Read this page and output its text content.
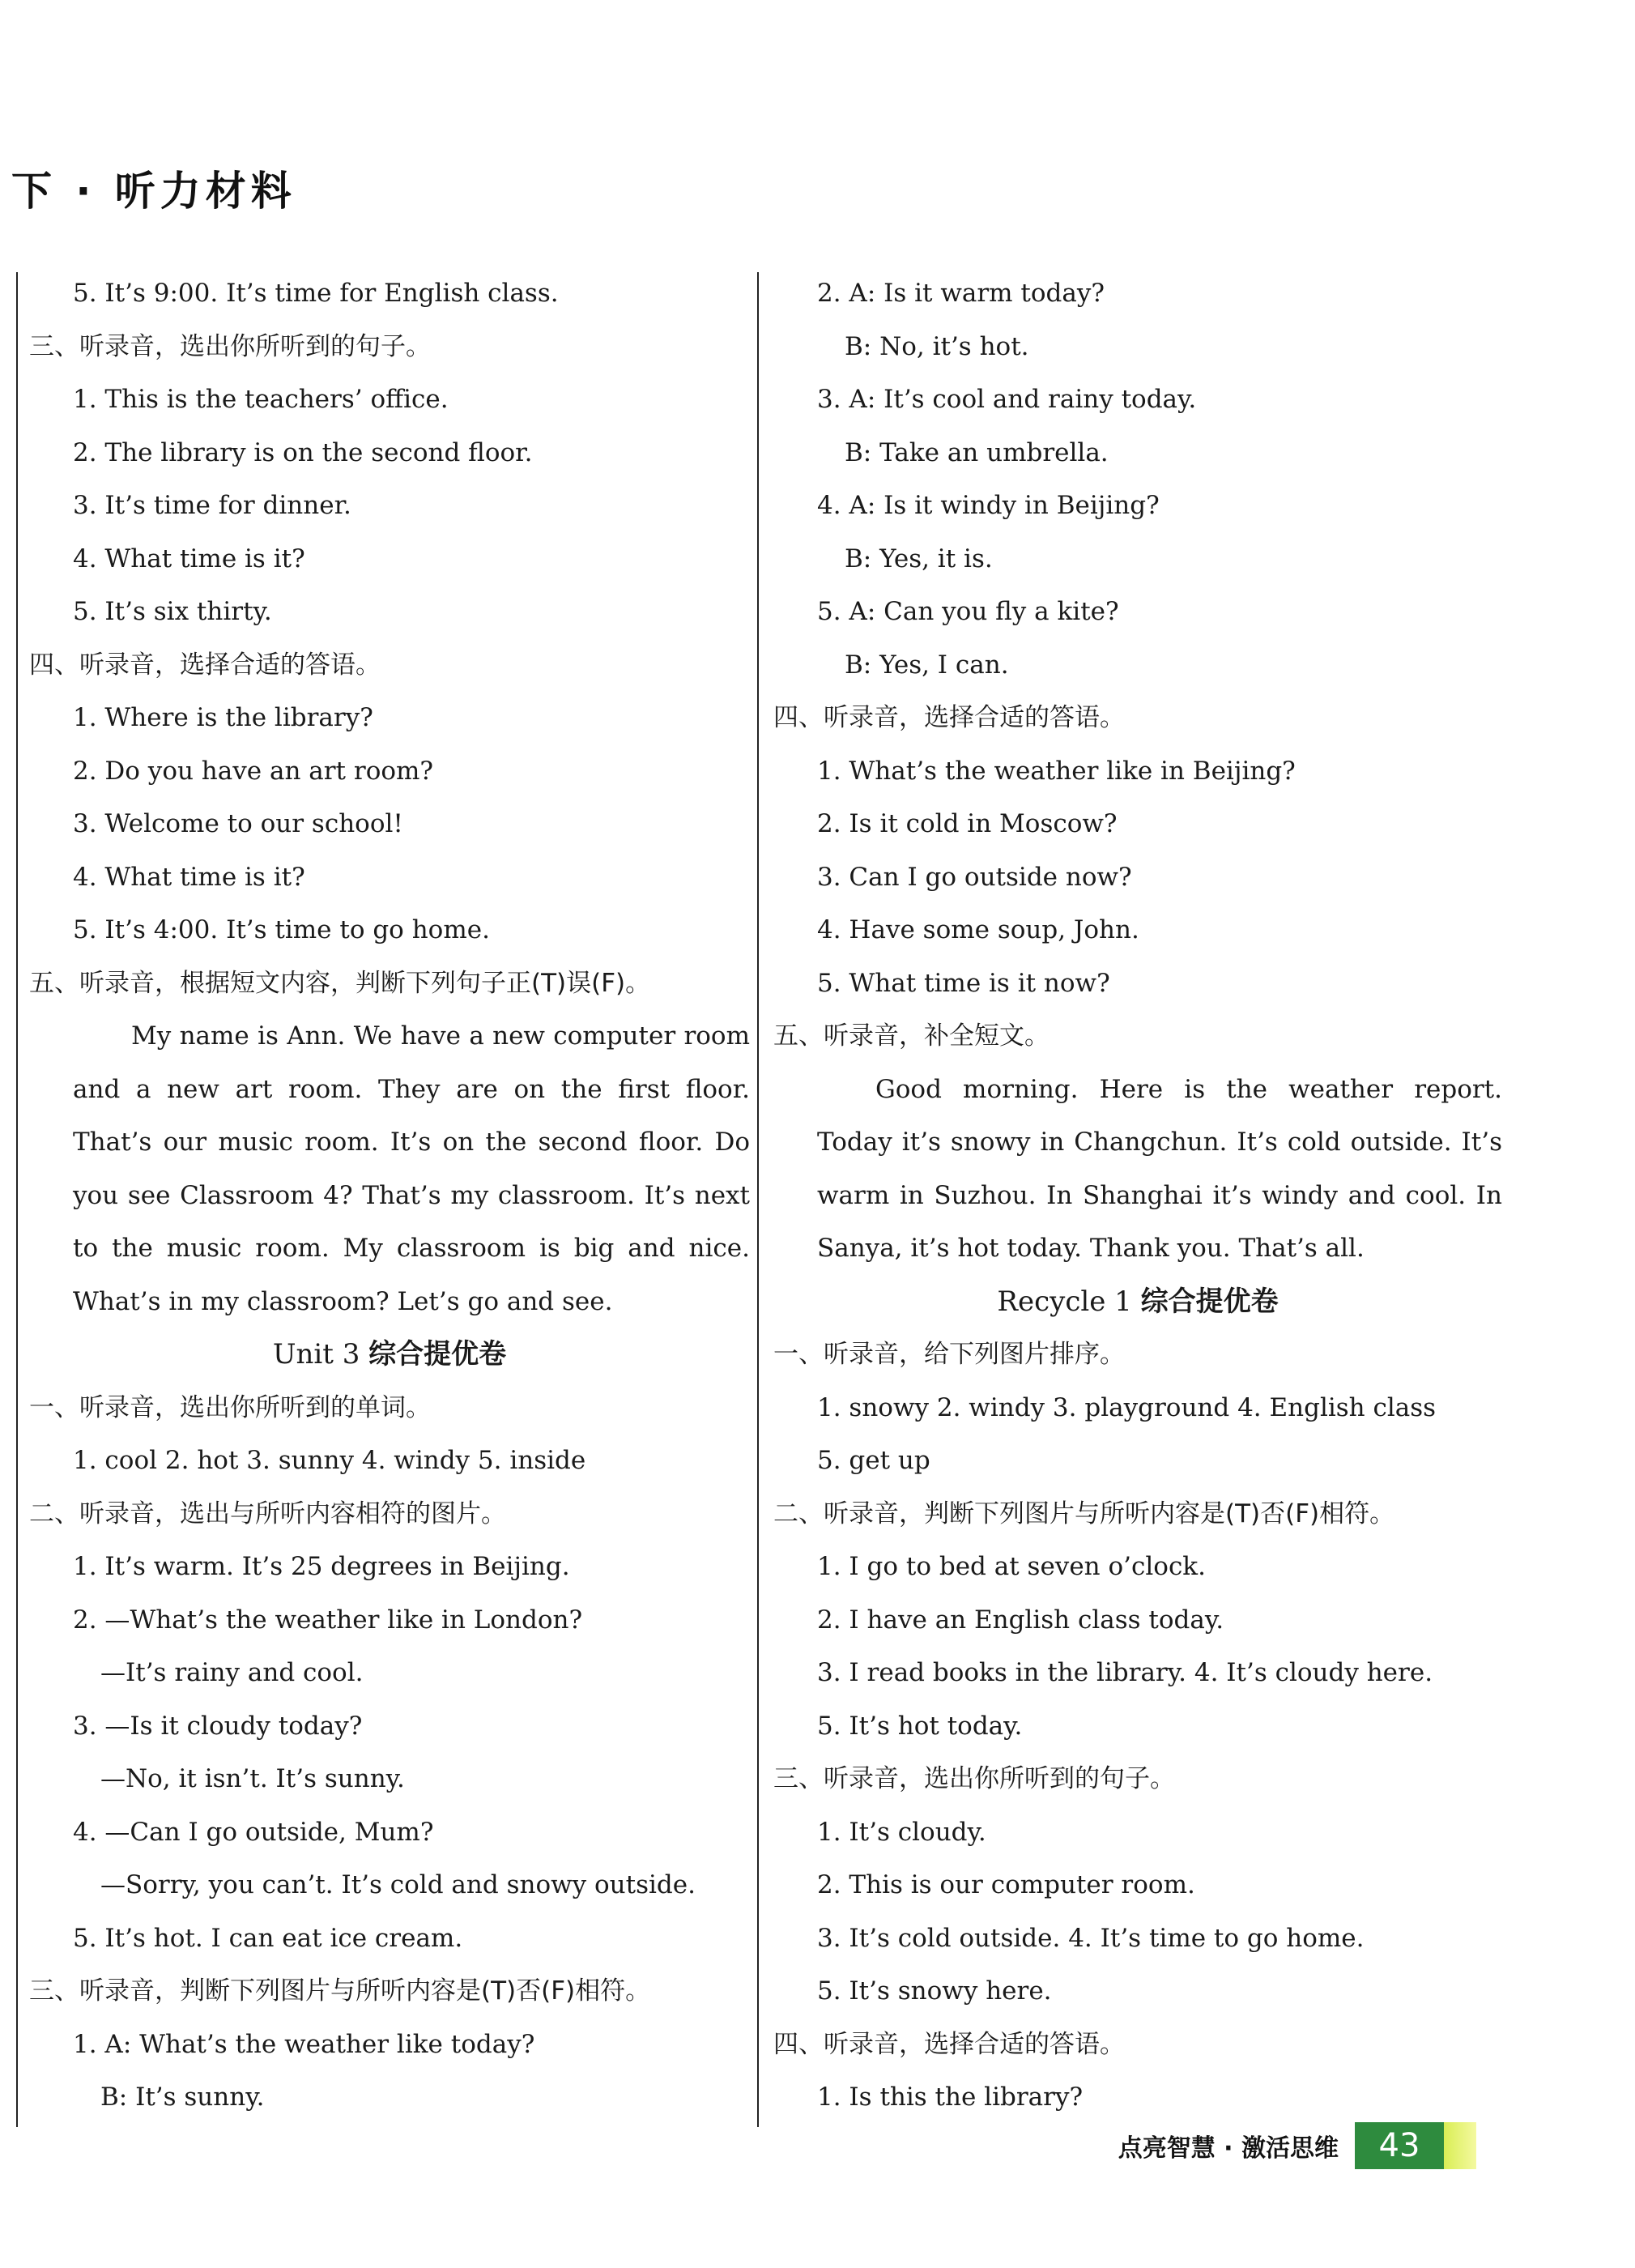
下 · 听力材料
5. It’s 9:00. It’s time for English class.
三、听录音，选出你所听到的句子。
1. This is the teachers’ office.
2. The library is on the second floor.
3. It’s time for dinner.
4. What time is it?
5. It’s six thirty.
四、听录音，选择合适的答语。
1. Where is the library?
2. Do you have an art room?
3. Welcome to our school!
4. What time is it?
5. It’s 4:00. It’s time to go home.
五、听录音，根据短文内容，判断下列句子正(T)误(F)。
My name is Ann. We have a new computer room and a new art room. They are on the first floor. That’s our music room. It’s on the second floor. Do you see Classroom 4? That’s my classroom. It’s next to the music room. My classroom is big and nice. What’s in my classroom? Let’s go and see.
Unit 3 综合提优卷
一、听录音，选出你所听到的单词。
1. cool 2. hot 3. sunny 4. windy 5. inside
二、听录音，选出与所听内容相符的图片。
1. It’s warm. It’s 25 degrees in Beijing.
2. —What’s the weather like in London?
—It’s rainy and cool.
3. —Is it cloudy today?
—No, it isn’t. It’s sunny.
4. —Can I go outside, Mum?
—Sorry, you can’t. It’s cold and snowy outside.
5. It’s hot. I can eat ice cream.
三、听录音，判断下列图片与所听内容是(T)否(F)相符。
1. A: What’s the weather like today?
B: It’s sunny.
2. A: Is it warm today?
B: No, it’s hot.
3. A: It’s cool and rainy today.
B: Take an umbrella.
4. A: Is it windy in Beijing?
B: Yes, it is.
5. A: Can you fly a kite?
B: Yes, I can.
四、听录音，选择合适的答语。
1. What’s the weather like in Beijing?
2. Is it cold in Moscow?
3. Can I go outside now?
4. Have some soup, John.
5. What time is it now?
五、听录音，补全短文。
Good morning. Here is the weather report. Today it’s snowy in Changchun. It’s cold outside. It’s warm in Suzhou. In Shanghai it’s windy and cool. In Sanya, it’s hot today. Thank you. That’s all.
Recycle 1 综合提优卷
一、听录音，给下列图片排序。
1. snowy 2. windy 3. playground 4. English class
5. get up
二、听录音，判断下列图片与所听内容是(T)否(F)相符。
1. I go to bed at seven o’clock.
2. I have an English class today.
3. I read books in the library. 4. It’s cloudy here.
5. It’s hot today.
三、听录音，选出你所听到的句子。
1. It’s cloudy.
2. This is our computer room.
3. It’s cold outside. 4. It’s time to go home.
5. It’s snowy here.
四、听录音，选择合适的答语。
1. Is this the library?
点亮智慧 · 激活思维	43
